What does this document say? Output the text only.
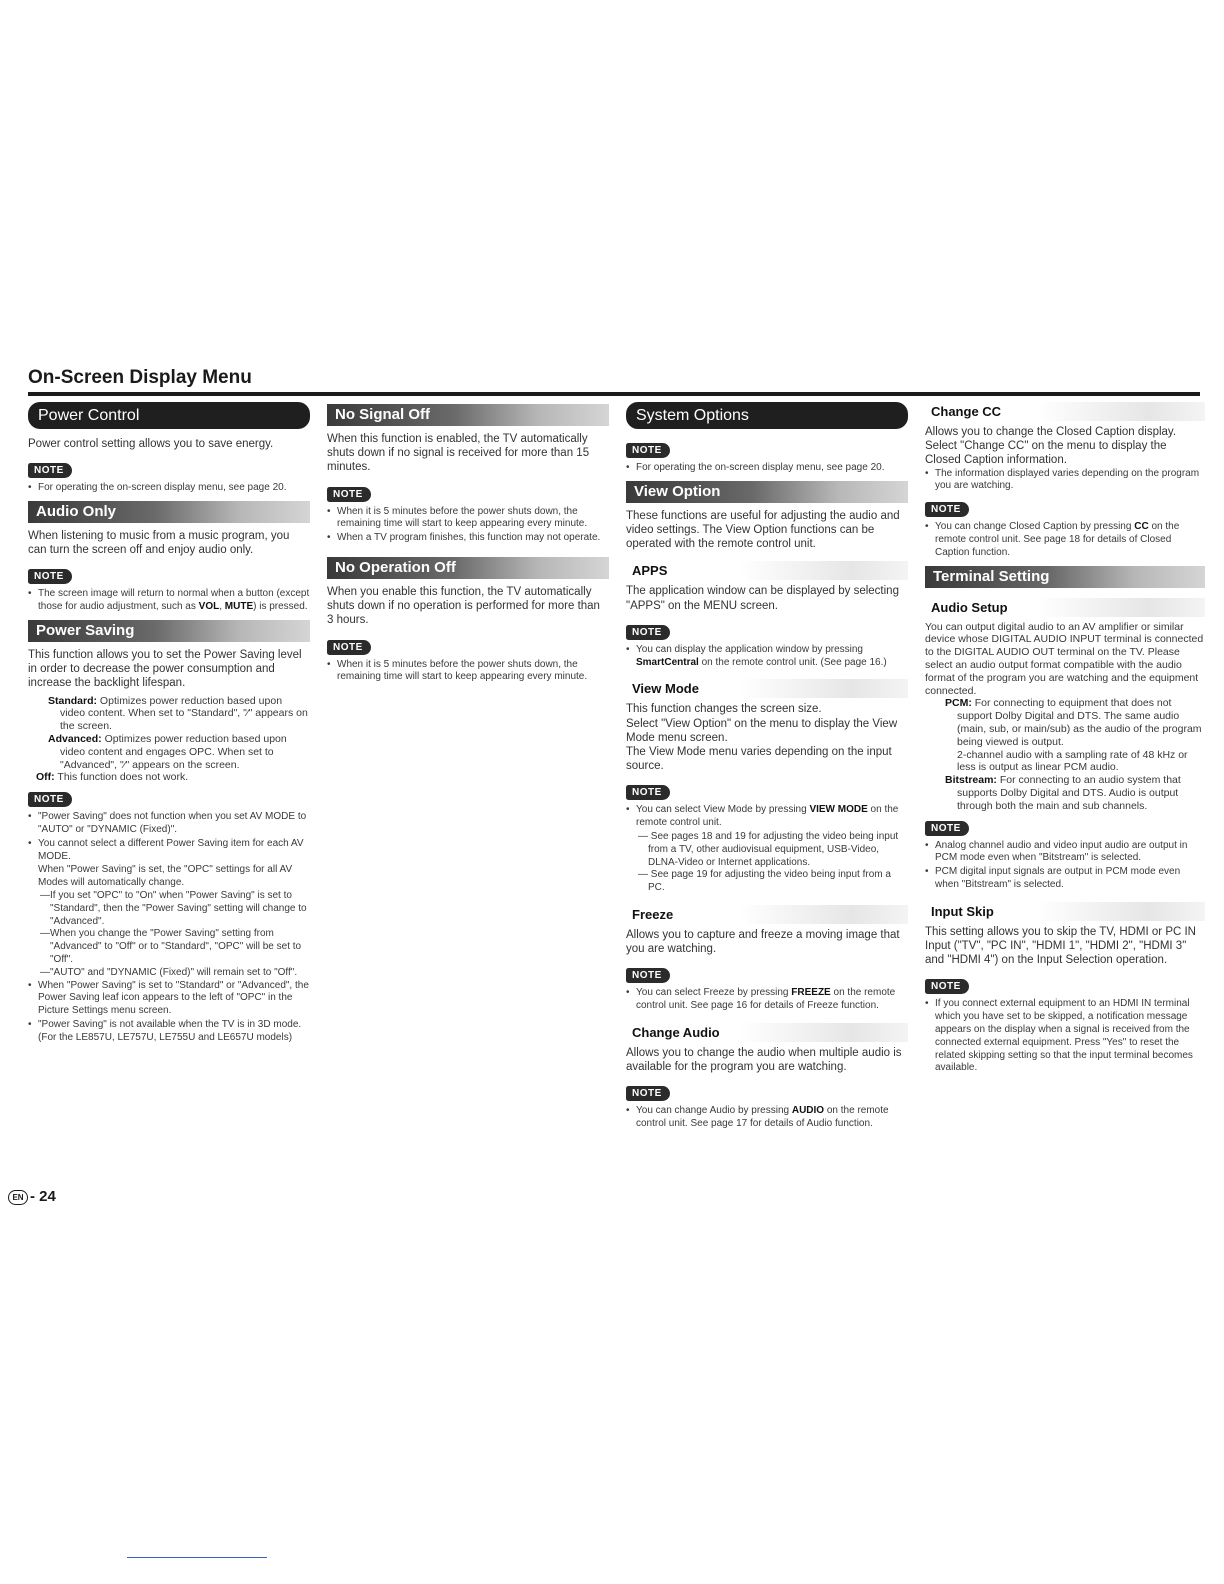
On-Screen Display Menu
Power Control

Power control setting allows you to save energy.

NOTE

• For operating the on-screen display menu, see page 20.

Audio Only

When listening to music from a music program, you can turn the screen off and enjoy audio only.

NOTE

• The screen image will return to normal when a button (except those for audio adjustment, such as VOL, MUTE) is pressed.

Power Saving

This function allows you to set the Power Saving level in order to decrease the power consumption and increase the backlight lifespan.

Standard: Optimizes power reduction based upon video content. When set to "Standard", "⁄" appears on the screen.

Advanced: Optimizes power reduction based upon video content and engages OPC. When set to "Advanced", "⁄" appears on the screen.

Off: This function does not work.

NOTE

• "Power Saving" does not function when you set AV MODE to "AUTO" or "DYNAMIC (Fixed)".

• You cannot select a different Power Saving item for each AV MODE.

When "Power Saving" is set, the "OPC" settings for all AV Modes will automatically change.

—If you set "OPC" to "On" when "Power Saving" is set to "Standard", then the "Power Saving" setting will change to "Advanced".

—When you change the "Power Saving" setting from "Advanced" to "Off" or to "Standard", "OPC" will be set to "Off".

—"AUTO" and "DYNAMIC (Fixed)" will remain set to "Off".

• When "Power Saving" is set to "Standard" or "Advanced", the Power Saving leaf icon appears to the left of "OPC" in the Picture Settings menu screen.

• "Power Saving" is not available when the TV is in 3D mode. (For the LE857U, LE757U, LE755U and LE657U models)

No Signal Off

When this function is enabled, the TV automatically shuts down if no signal is received for more than 15 minutes.

NOTE

• When it is 5 minutes before the power shuts down, the remaining time will start to keep appearing every minute.

• When a TV program finishes, this function may not operate.

No Operation Off

When you enable this function, the TV automatically shuts down if no operation is performed for more than 3 hours.

NOTE

• When it is 5 minutes before the power shuts down, the remaining time will start to keep appearing every minute.

System Options
NOTE

• For operating the on-screen display menu, see page 20.

View Option

These functions are useful for adjusting the audio and video settings. The View Option functions can be operated with the remote control unit.

APPS

The application window can be displayed by selecting "APPS" on the MENU screen.

NOTE

• You can display the application window by pressing SmartCentral on the remote control unit. (See page 16.)

View Mode

This function changes the screen size.

Select "View Option" on the menu to display the View Mode menu screen.

The View Mode menu varies depending on the input source.

NOTE

• You can select View Mode by pressing VIEW MODE on the remote control unit.

— See pages 18 and 19 for adjusting the video being input from a TV, other audiovisual equipment, USB-Video, DLNA-Video or Internet applications.

— See page 19 for adjusting the video being input from a PC.

Freeze

Allows you to capture and freeze a moving image that you are watching.

NOTE

• You can select Freeze by pressing FREEZE on the remote control unit. See page 16 for details of Freeze function.

Change Audio

Allows you to change the audio when multiple audio is available for the program you are watching.

NOTE

• You can change Audio by pressing AUDIO on the remote control unit. See page 17 for details of Audio function.

Change CC

Allows you to change the Closed Caption display.

Select "Change CC" on the menu to display the Closed Caption information.

• The information displayed varies depending on the program you are watching.

NOTE

• You can change Closed Caption by pressing CC on the remote control unit. See page 18 for details of Closed Caption function.

Terminal Setting
Audio Setup

You can output digital audio to an AV amplifier or similar device whose DIGITAL AUDIO INPUT terminal is connected to the DIGITAL AUDIO OUT terminal on the TV. Please select an audio output format compatible with the audio format of the program you are watching and the equipment connected.

PCM: For connecting to equipment that does not support Dolby Digital and DTS. The same audio (main, sub, or main/sub) as the audio of the program being viewed is output.

2-channel audio with a sampling rate of 48 kHz or less is output as linear PCM audio.

Bitstream: For connecting to an audio system that supports Dolby Digital and DTS. Audio is output through both the main and sub channels.

NOTE

• Analog channel audio and video input audio are output in PCM mode even when "Bitstream" is selected.

• PCM digital input signals are output in PCM mode even when "Bitstream" is selected.

Input Skip

This setting allows you to skip the TV, HDMI or PC IN Input ("TV", "PC IN", "HDMI 1", "HDMI 2", "HDMI 3" and "HDMI 4") on the Input Selection operation.

NOTE

• If you connect external equipment to an HDMI IN terminal which you have set to be skipped, a notification message appears on the display when a signal is received from the connected external equipment. Press "Yes" to reset the related skipping setting so that the input terminal becomes available.

EN - 24
